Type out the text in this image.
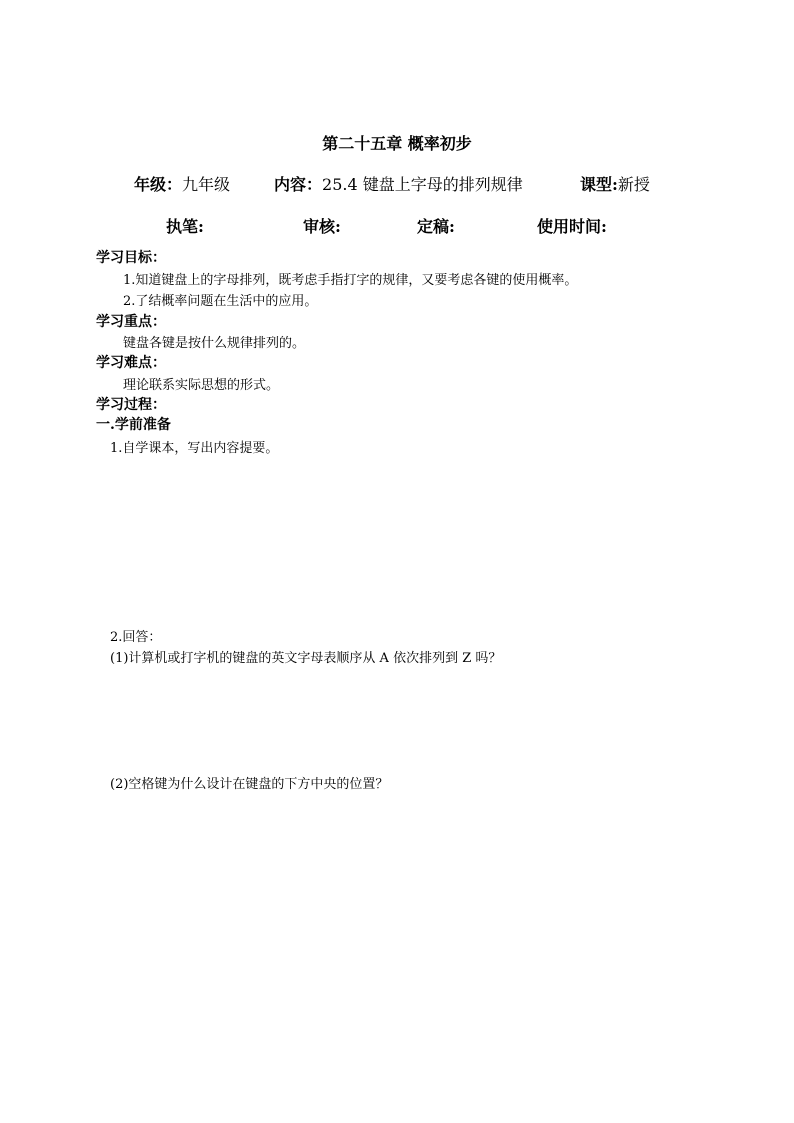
第二十五章 概率初步
年级：九年级	内容：25.4 键盘上字母的排列规律	课型:新授
执笔:	审核:	定稿:	使用时间:
学习目标：
1.知道键盘上的字母排列，既考虑手指打字的规律，又要考虑各键的使用概率。
2.了结概率问题在生活中的应用。
学习重点：
键盘各键是按什么规律排列的。
学习难点：
理论联系实际思想的形式。
学习过程：
一.学前准备
1.自学课本，写出内容提要。
2.回答：
(1)计算机或打字机的键盘的英文字母表顺序从 A 依次排列到 Z 吗？
(2)空格键为什么设计在键盘的下方中央的位置？
